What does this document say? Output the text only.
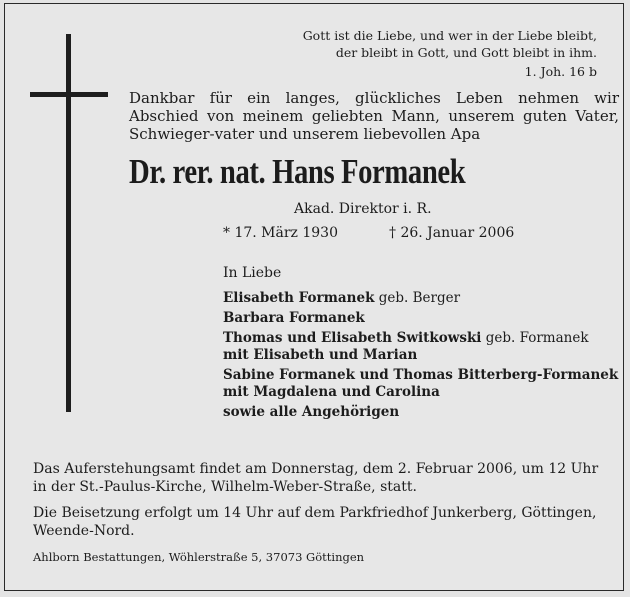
Gott ist die Liebe, und wer in der Liebe bleibt,
der bleibt in Gott, und Gott bleibt in ihm.
1. Joh. 16 b
Dankbar für ein langes, glückliches Leben nehmen wir Abschied von meinem geliebten Mann, unserem guten Vater, Schwieger-vater und unserem liebevollen Apa
Dr. rer. nat. Hans Formanek
Akad. Direktor i. R.
* 17. März 1930	† 26. Januar 2006
In Liebe
Elisabeth Formanek geb. Berger
Barbara Formanek
Thomas und Elisabeth Switkowski geb. Formanek
mit Elisabeth und Marian
Sabine Formanek und Thomas Bitterberg-Formanek
mit Magdalena und Carolina
sowie alle Angehörigen
Das Auferstehungsamt findet am Donnerstag, dem 2. Februar 2006, um 12 Uhr
in der St.-Paulus-Kirche, Wilhelm-Weber-Straße, statt.
Die Beisetzung erfolgt um 14 Uhr auf dem Parkfriedhof Junkerberg, Göttingen,
Weende-Nord.
Ahlborn Bestattungen, Wöhlerstraße 5, 37073 Göttingen
